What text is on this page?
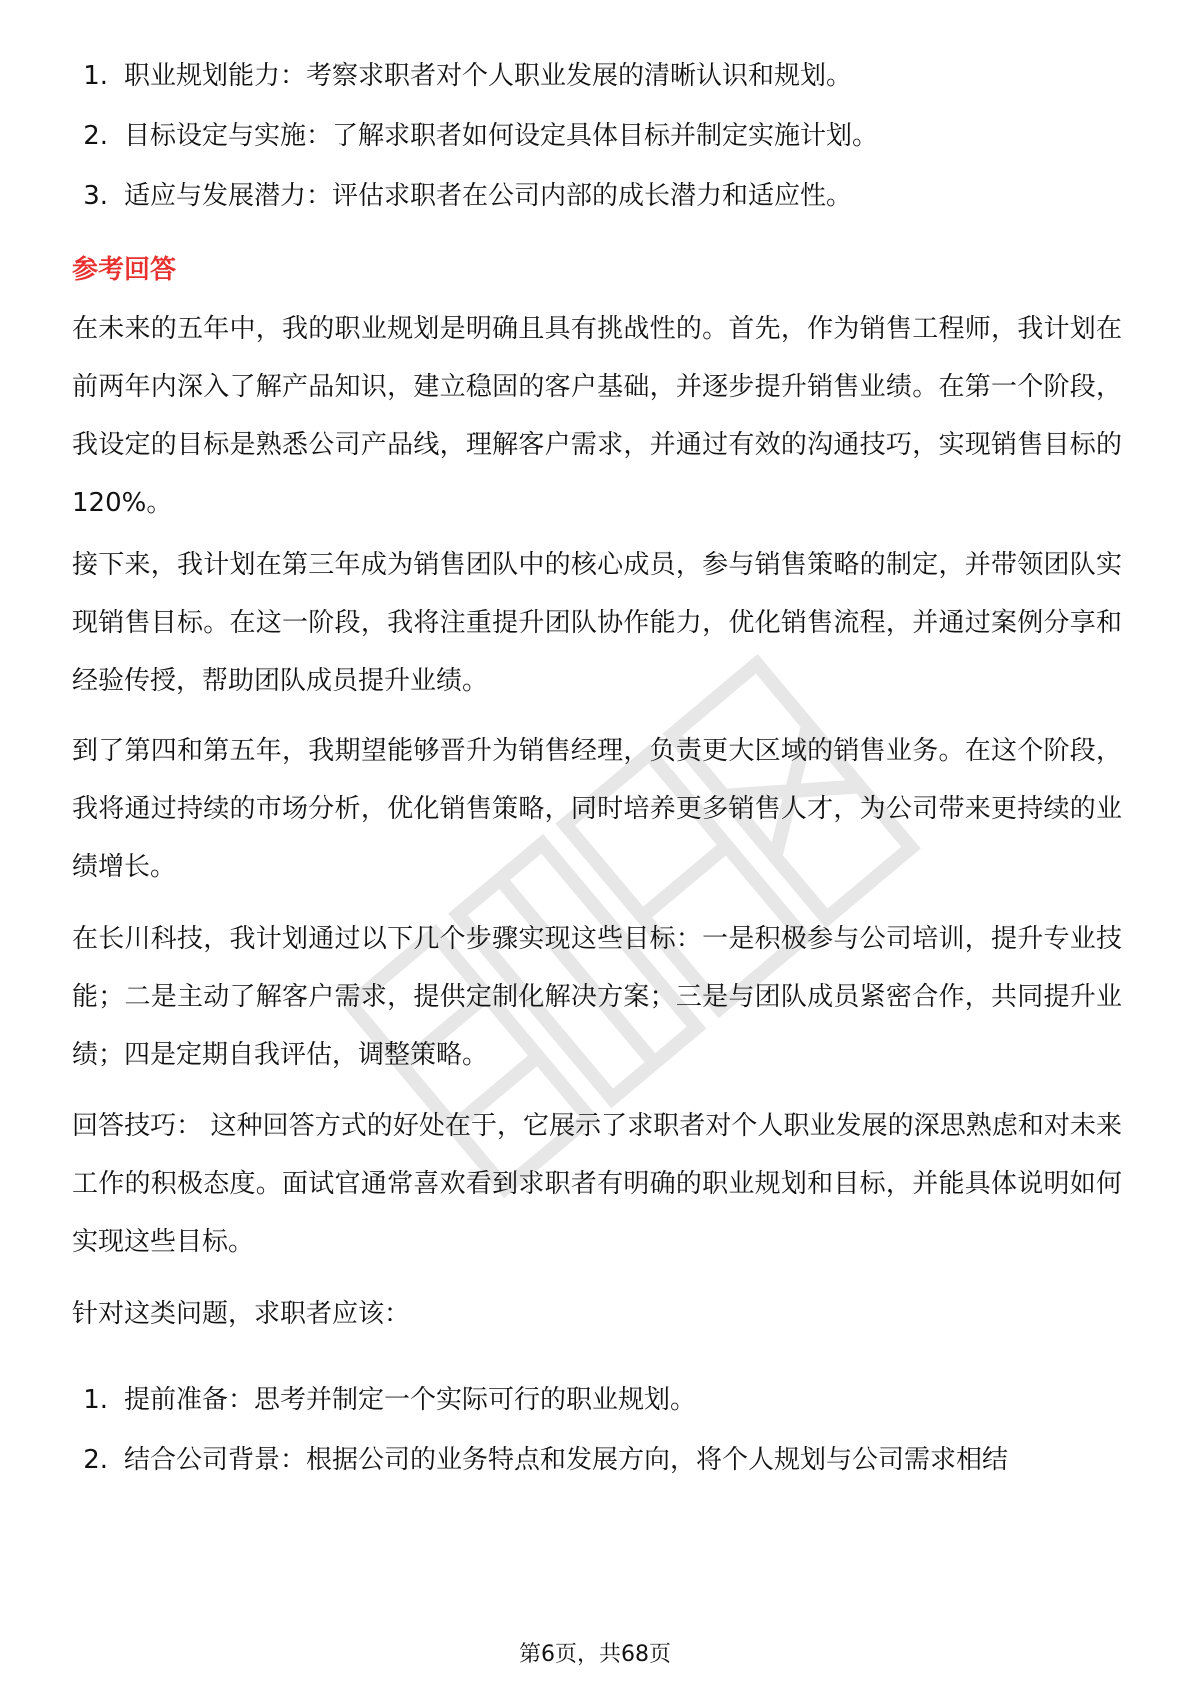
1. 职业规划能力：考察求职者对个人职业发展的清晰认识和规划。
2. 目标设定与实施：了解求职者如何设定具体目标并制定实施计划。
3. 适应与发展潜力：评估求职者在公司内部的成长潜力和适应性。
参考回答

在未来的五年中，我的职业规划是明确且具有挑战性的。首先，作为销售工程师，我计划在前两年内深入了解产品知识，建立稳固的客户基础，并逐步提升销售业绩。在第一个阶段，我设定的目标是熟悉公司产品线，理解客户需求，并通过有效的沟通技巧，实现销售目标的120%。

接下来，我计划在第三年成为销售团队中的核心成员，参与销售策略的制定，并带领团队实现销售目标。在这一阶段，我将注重提升团队协作能力，优化销售流程，并通过案例分享和经验传授，帮助团队成员提升业绩。

到了第四和第五年，我期望能够晋升为销售经理，负责更大区域的销售业务。在这个阶段，我将通过持续的市场分析，优化销售策略，同时培养更多销售人才，为公司带来更持续的业绩增长。

在长川科技，我计划通过以下几个步骤实现这些目标：一是积极参与公司培训，提升专业技能；二是主动了解客户需求，提供定制化解决方案；三是与团队成员紧密合作，共同提升业绩；四是定期自我评估，调整策略。

回答技巧： 这种回答方式的好处在于，它展示了求职者对个人职业发展的深思熟虑和对未来工作的积极态度。面试官通常喜欢看到求职者有明确的职业规划和目标，并能具体说明如何实现这些目标。

针对这类问题，求职者应该：

1. 提前准备：思考并制定一个实际可行的职业规划。
2. 结合公司背景：根据公司的业务特点和发展方向，将个人规划与公司需求相结
第6页，共68页
